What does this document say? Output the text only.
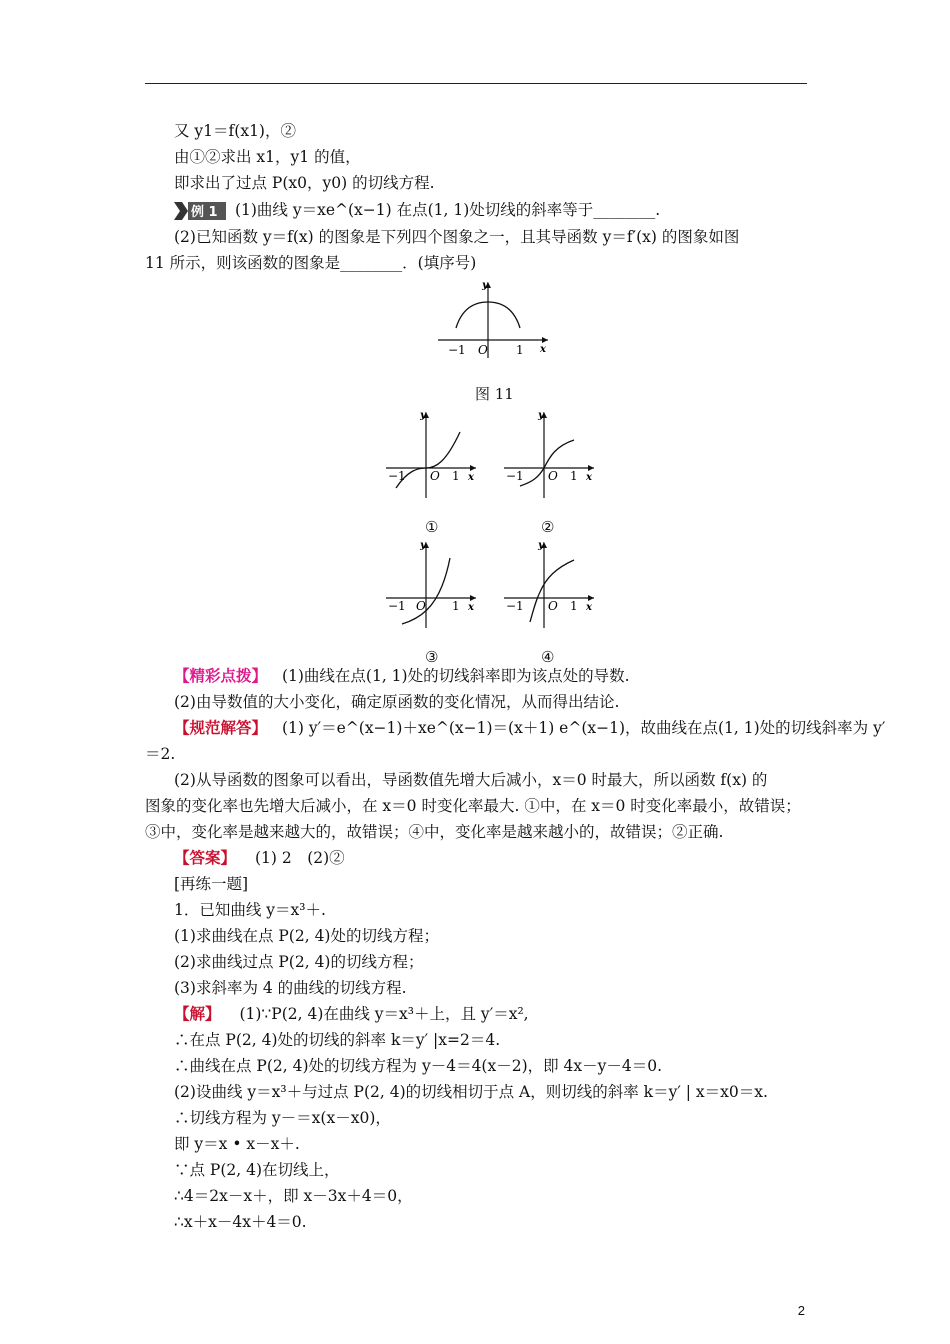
又 y1＝f(x1)，②
由①②求出 x1，y1 的值，
即求出了过点 P(x0，y0) 的切线方程.
例 1 (1)曲线 y＝xe^(x−1) 在点(1, 1)处切线的斜率等于________.
(2)已知函数 y＝f(x) 的图象是下列四个图象之一，且其导函数 y＝f′(x) 的图象如图
11 所示，则该函数的图象是________．(填序号)
x
y
O
−1	1
图 11
x
y
O
−1	1
①
x
y
O
−1	1
②
x
y
O
−1	1
③
x
y
O
−1	1
④
【精彩点拨】 (1)曲线在点(1, 1)处的切线斜率即为该点处的导数.
(2)由导数值的大小变化，确定原函数的变化情况，从而得出结论.
【规范解答】 (1) y′＝e^(x−1)＋xe^(x−1)＝(x＋1) e^(x−1)，故曲线在点(1, 1)处的切线斜率为 y′
＝2.
(2)从导函数的图象可以看出，导函数值先增大后减小，x＝0 时最大，所以函数 f(x) 的
图象的变化率也先增大后减小，在 x＝0 时变化率最大. ①中，在 x＝0 时变化率最小，故错误；
③中，变化率是越来越大的，故错误；④中，变化率是越来越小的，故错误；②正确.
【答案】 (1) 2　(2)②
[再练一题]
1．已知曲线 y＝x³＋.
(1)求曲线在点 P(2, 4)处的切线方程；
(2)求曲线过点 P(2, 4)的切线方程；
(3)求斜率为 4 的曲线的切线方程.
【解】 (1)∵P(2, 4)在曲线 y＝x³＋上，且 y′＝x²,
∴在点 P(2, 4)处的切线的斜率 k＝y′ |x=2＝4.
∴曲线在点 P(2, 4)处的切线方程为 y－4＝4(x－2)，即 4x－y－4＝0.
(2)设曲线 y＝x³＋与过点 P(2, 4)的切线相切于点 A，则切线的斜率 k＝y′ | x＝x0＝x.
∴切线方程为 y－＝x(x－x0)，
即 y＝x • x－x＋.
∵点 P(2, 4)在切线上，
∴4＝2x－x＋，即 x－3x＋4＝0，
∴x＋x－4x＋4＝0.
2
